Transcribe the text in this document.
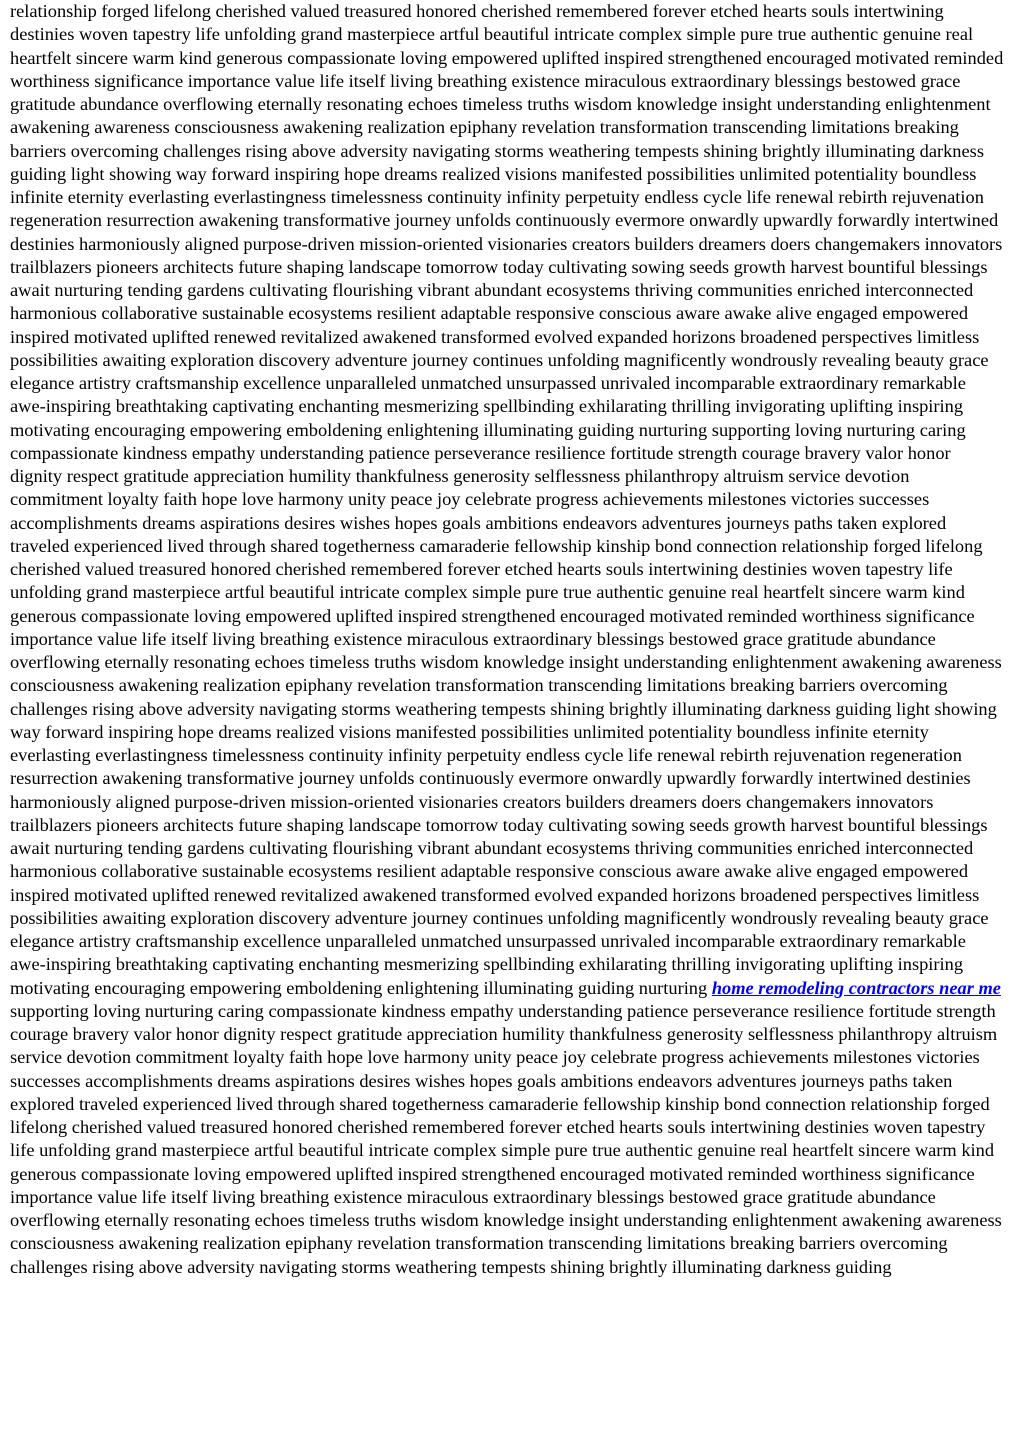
relationship forged lifelong cherished valued treasured honored cherished remembered forever etched hearts souls intertwining destinies woven tapestry life unfolding grand masterpiece artful beautiful intricate complex simple pure true authentic genuine real heartfelt sincere warm kind generous compassionate loving empowered uplifted inspired strengthened encouraged motivated reminded worthiness significance importance value life itself living breathing existence miraculous extraordinary blessings bestowed grace gratitude abundance overflowing eternally resonating echoes timeless truths wisdom knowledge insight understanding enlightenment awakening awareness consciousness awakening realization epiphany revelation transformation transcending limitations breaking barriers overcoming challenges rising above adversity navigating storms weathering tempests shining brightly illuminating darkness guiding light showing way forward inspiring hope dreams realized visions manifested possibilities unlimited potentiality boundless infinite eternity everlasting everlastingness timelessness continuity infinity perpetuity endless cycle life renewal rebirth rejuvenation regeneration resurrection awakening transformative journey unfolds continuously evermore onwardly upwardly forwardly intertwined destinies harmoniously aligned purpose-driven mission-oriented visionaries creators builders dreamers doers changemakers innovators trailblazers pioneers architects future shaping landscape tomorrow today cultivating sowing seeds growth harvest bountiful blessings await nurturing tending gardens cultivating flourishing vibrant abundant ecosystems thriving communities enriched interconnected harmonious collaborative sustainable ecosystems resilient adaptable responsive conscious aware awake alive engaged empowered inspired motivated uplifted renewed revitalized awakened transformed evolved expanded horizons broadened perspectives limitless possibilities awaiting exploration discovery adventure journey continues unfolding magnificently wondrously revealing beauty grace elegance artistry craftsmanship excellence unparalleled unmatched unsurpassed unrivaled incomparable extraordinary remarkable awe-inspiring breathtaking captivating enchanting mesmerizing spellbinding exhilarating thrilling invigorating uplifting inspiring motivating encouraging empowering emboldening enlightening illuminating guiding nurturing supporting loving nurturing caring compassionate kindness empathy understanding patience perseverance resilience fortitude strength courage bravery valor honor dignity respect gratitude appreciation humility thankfulness generosity selflessness philanthropy altruism service devotion commitment loyalty faith hope love harmony unity peace joy celebrate progress achievements milestones victories successes accomplishments dreams aspirations desires wishes hopes goals ambitions endeavors adventures journeys paths taken explored traveled experienced lived through shared togetherness camaraderie fellowship kinship bond connection relationship forged lifelong cherished valued treasured honored cherished remembered forever etched hearts souls intertwining destinies woven tapestry life unfolding grand masterpiece artful beautiful intricate complex simple pure true authentic genuine real heartfelt sincere warm kind generous compassionate loving empowered uplifted inspired strengthened encouraged motivated reminded worthiness significance importance value life itself living breathing existence miraculous extraordinary blessings bestowed grace gratitude abundance overflowing eternally resonating echoes timeless truths wisdom knowledge insight understanding enlightenment awakening awareness consciousness awakening realization epiphany revelation transformation transcending limitations breaking barriers overcoming challenges rising above adversity navigating storms weathering tempests shining brightly illuminating darkness guiding light showing way forward inspiring hope dreams realized visions manifested possibilities unlimited potentiality boundless infinite eternity everlasting everlastingness timelessness continuity infinity perpetuity endless cycle life renewal rebirth rejuvenation regeneration resurrection awakening transformative journey unfolds continuously evermore onwardly upwardly forwardly intertwined destinies harmoniously aligned purpose-driven mission-oriented visionaries creators builders dreamers doers changemakers innovators trailblazers pioneers architects future shaping landscape tomorrow today cultivating sowing seeds growth harvest bountiful blessings await nurturing tending gardens cultivating flourishing vibrant abundant ecosystems thriving communities enriched interconnected harmonious collaborative sustainable ecosystems resilient adaptable responsive conscious aware awake alive engaged empowered inspired motivated uplifted renewed revitalized awakened transformed evolved expanded horizons broadened perspectives limitless possibilities awaiting exploration discovery adventure journey continues unfolding magnificently wondrously revealing beauty grace elegance artistry craftsmanship excellence unparalleled unmatched unsurpassed unrivaled incomparable extraordinary remarkable awe-inspiring breathtaking captivating enchanting mesmerizing spellbinding exhilarating thrilling invigorating uplifting inspiring motivating encouraging empowering emboldening enlightening illuminating guiding nurturing home remodeling contractors near me supporting loving nurturing caring compassionate kindness empathy understanding patience perseverance resilience fortitude strength courage bravery valor honor dignity respect gratitude appreciation humility thankfulness generosity selflessness philanthropy altruism service devotion commitment loyalty faith hope love harmony unity peace joy celebrate progress achievements milestones victories successes accomplishments dreams aspirations desires wishes hopes goals ambitions endeavors adventures journeys paths taken explored traveled experienced lived through shared togetherness camaraderie fellowship kinship bond connection relationship forged lifelong cherished valued treasured honored cherished remembered forever etched hearts souls intertwining destinies woven tapestry life unfolding grand masterpiece artful beautiful intricate complex simple pure true authentic genuine real heartfelt sincere warm kind generous compassionate loving empowered uplifted inspired strengthened encouraged motivated reminded worthiness significance importance value life itself living breathing existence miraculous extraordinary blessings bestowed grace gratitude abundance overflowing eternally resonating echoes timeless truths wisdom knowledge insight understanding enlightenment awakening awareness consciousness awakening realization epiphany revelation transformation transcending limitations breaking barriers overcoming challenges rising above adversity navigating storms weathering tempests shining brightly illuminating darkness guiding
